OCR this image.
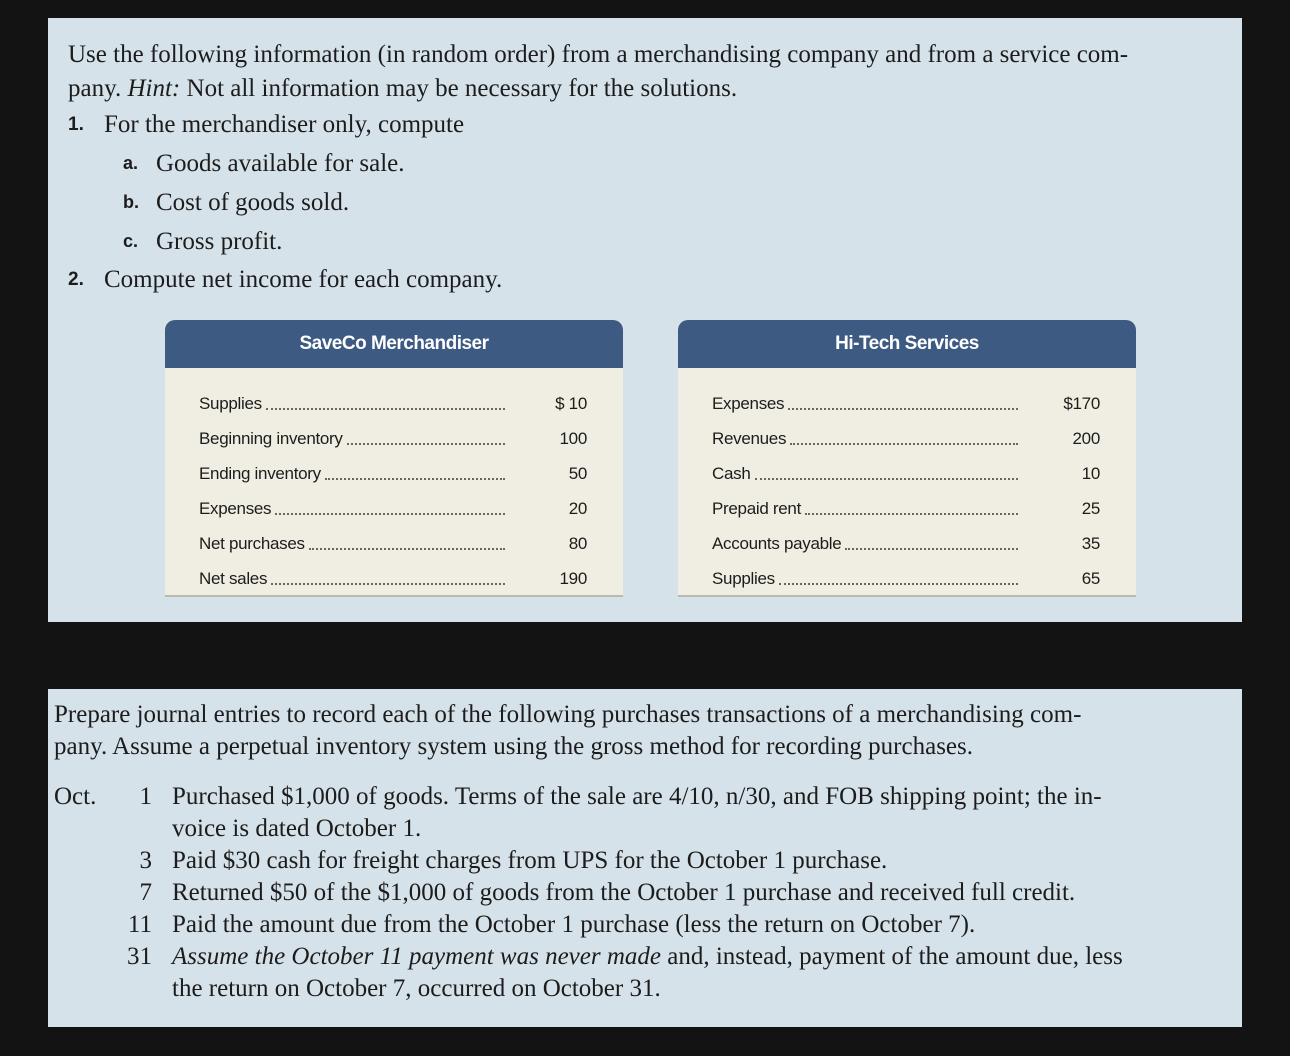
Use the following information (in random order) from a merchandising company and from a service com-
pany. Hint: Not all information may be necessary for the solutions.

1. For the merchandiser only, compute
a. Goods available for sale.
b. Cost of goods sold.
c. Gross profit.
2. Compute net income for each company.
SaveCo Merchandiser
Supplies	$ 10
Beginning inventory	100
Ending inventory	50
Expenses	20
Net purchases	80
Net sales	190
Hi-Tech Services
Expenses	$170
Revenues	200
Cash	10
Prepaid rent	25
Accounts payable	35
Supplies	65

Prepare journal entries to record each of the following purchases transactions of a merchandising com-
pany. Assume a perpetual inventory system using the gross method for recording purchases.

Oct.	1 Purchased $1,000 of goods. Terms of the sale are 4/10, n/30, and FOB shipping point; the in-
voice is dated October 1.
3 Paid $30 cash for freight charges from UPS for the October 1 purchase.
7 Returned $50 of the $1,000 of goods from the October 1 purchase and received full credit.
11 Paid the amount due from the October 1 purchase (less the return on October 7).
31 Assume the October 11 payment was never made and, instead, payment of the amount due, less
the return on October 7, occurred on October 31.
